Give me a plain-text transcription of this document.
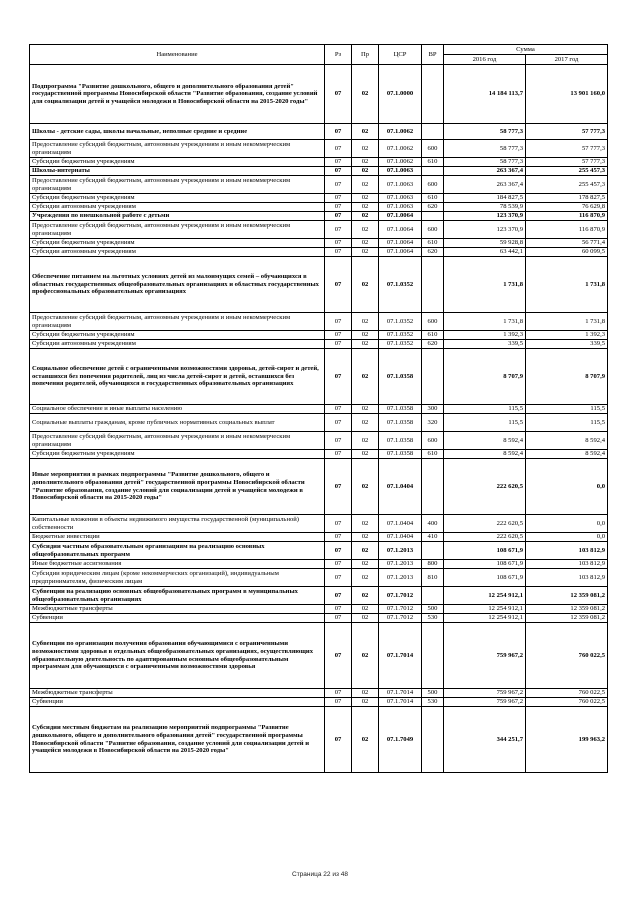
Наименование	Рз	Пр	ЦСР	ВР	Сумма	
					2016 год	2017 год
Подпрограмма "Развитие дошкольного, общего и дополнительного образования детей" государственной программы Новосибирской области "Развитие образования, создание условий для социализации детей и учащейся молодежи в Новосибирской области на 2015-2020 годы"	07	02	07.1.0000		14 184 113,7	13 901 160,0
Школы - детские сады, школы начальные, неполные средние и средние	07	02	07.1.0062		58 777,3	57 777,3
Предоставление субсидий бюджетным, автономным учреждениям и иным некоммерческим организациям	07	02	07.1.0062	600	58 777,3	57 777,3
Субсидии бюджетным учреждениям	07	02	07.1.0062	610	58 777,3	57 777,3
Школы-интернаты	07	02	07.1.0063		263 367,4	255 457,3
Предоставление субсидий бюджетным, автономным учреждениям и иным некоммерческим организациям	07	02	07.1.0063	600	263 367,4	255 457,3
Субсидии бюджетным учреждениям	07	02	07.1.0063	610	184 827,5	178 827,5
Субсидии автономным учреждениям	07	02	07.1.0063	620	78 539,9	76 629,8
Учреждения по внешкольной работе с детьми	07	02	07.1.0064		123 370,9	116 870,9
Предоставление субсидий бюджетным, автономным учреждениям и иным некоммерческим организациям	07	02	07.1.0064	600	123 370,9	116 870,9
Субсидии бюджетным учреждениям	07	02	07.1.0064	610	59 928,8	56 771,4
Субсидии автономным учреждениям	07	02	07.1.0064	620	63 442,1	60 099,5
Обеспечение питанием на льготных условиях детей из малоимущих семей – обучающихся в областных государственных общеобразовательных организациях и областных государственных профессиональных образовательных организациях	07	02	07.1.0352		1 731,8	1 731,8
Предоставление субсидий бюджетным, автономным учреждениям и иным некоммерческим организациям	07	02	07.1.0352	600	1 731,8	1 731,8
Субсидии бюджетным учреждениям	07	02	07.1.0352	610	1 392,3	1 392,3
Субсидии автономным учреждениям	07	02	07.1.0352	620	339,5	339,5
Социальное обеспечение детей с ограниченными возможностями здоровья, детей-сирот и детей, оставшихся без попечения родителей, лиц из числа детей-сирот и детей, оставшихся без попечения родителей, обучающихся в государственных образовательных организациях	07	02	07.1.0358		8 707,9	8 707,9
Социальное обеспечение и иные выплаты населению	07	02	07.1.0358	300	115,5	115,5
Социальные выплаты гражданам, кроме публичных нормативных социальных выплат	07	02	07.1.0358	320	115,5	115,5
Предоставление субсидий бюджетным, автономным учреждениям и иным некоммерческим организациям	07	02	07.1.0358	600	8 592,4	8 592,4
Субсидии бюджетным учреждениям	07	02	07.1.0358	610	8 592,4	8 592,4
Иные мероприятия в рамках подпрограммы "Развитие дошкольного, общего и дополнительного образования детей" государственной программы Новосибирской области "Развитие образования, создание условий для социализации детей и учащейся молодежи в Новосибирской области на 2015-2020 годы"	07	02	07.1.0404		222 620,5	0,0
Капитальные вложения в объекты недвижимого имущества государственной (муниципальной) собственности	07	02	07.1.0404	400	222 620,5	0,0
Бюджетные инвестиции	07	02	07.1.0404	410	222 620,5	0,0
Субсидии частным образовательным организациям на реализацию основных общеобразовательных программ	07	02	07.1.2013		108 671,9	103 812,9
Иные бюджетные ассигнования	07	02	07.1.2013	800	108 671,9	103 812,9
Субсидии юридическим лицам (кроме некоммерческих организаций), индивидуальным предпринимателям, физическим лицам	07	02	07.1.2013	810	108 671,9	103 812,9
Субвенции на реализацию основных общеобразовательных программ в муниципальных общеобразовательных организациях	07	02	07.1.7012		12 254 912,1	12 359 081,2
Межбюджетные трансферты	07	02	07.1.7012	500	12 254 912,1	12 359 081,2
Субвенции	07	02	07.1.7012	530	12 254 912,1	12 359 081,2
Субвенции по организации получения образования обучающимися с ограниченными возможностями здоровья в отдельных общеобразовательных организациях, осуществляющих образовательную деятельность по адаптированным основным общеобразовательным программам для обучающихся с ограниченными возможностями здоровья	07	02	07.1.7014		759 967,2	760 022,5
Межбюджетные трансферты	07	02	07.1.7014	500	759 967,2	760 022,5
Субвенции	07	02	07.1.7014	530	759 967,2	760 022,5
Субсидии местным бюджетам на реализацию мероприятий подпрограммы "Развитие дошкольного, общего и дополнительного образования детей" государственной программы Новосибирской области "Развитие образования, создание условий для социализации детей и учащейся молодежи в Новосибирской области на 2015-2020 годы"	07	02	07.1.7049		344 251,7	199 963,2
Страница 22 из 48
